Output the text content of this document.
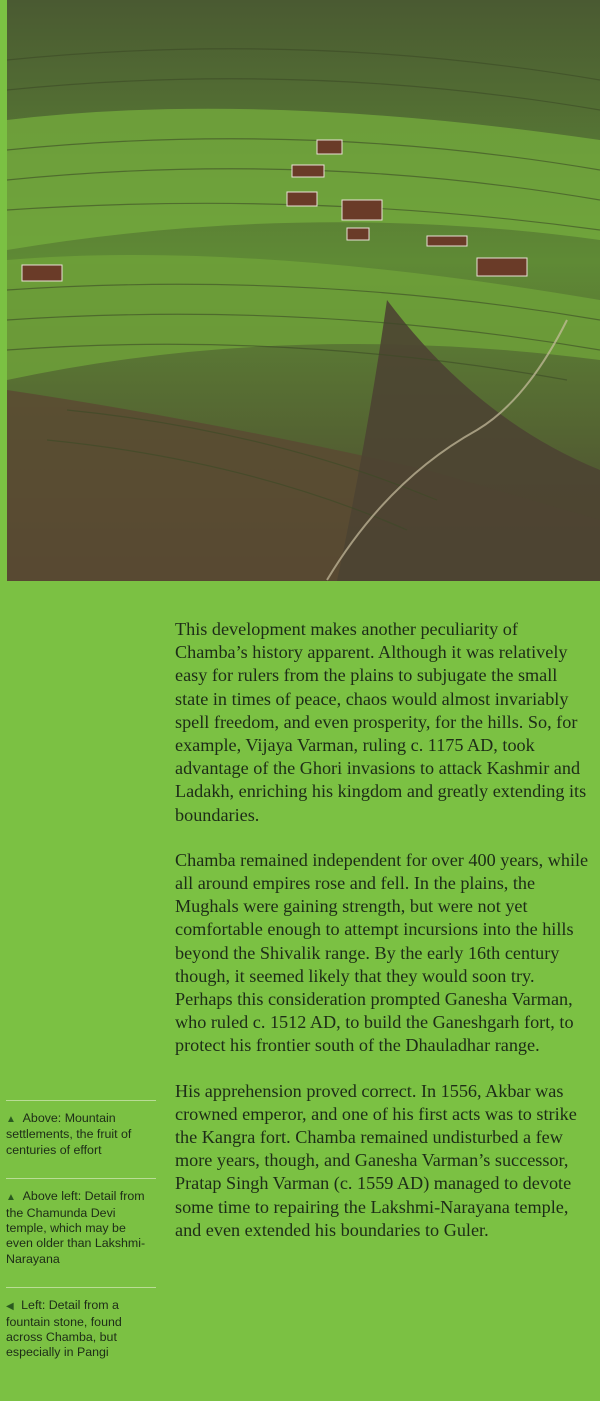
This development makes another peculiarity of Chamba’s history apparent. Although it was relatively easy for rulers from the plains to subjugate the small state in times of peace, chaos would almost invariably spell freedom, and even prosperity, for the hills. So, for example, Vijaya Varman, ruling c. 1175 AD, took advantage of the Ghori invasions to attack Kashmir and Ladakh, enriching his kingdom and greatly extending its boundaries.

Chamba remained independent for over 400 years, while all around empires rose and fell. In the plains, the Mughals were gaining strength, but were not yet comfortable enough to attempt incursions into the hills beyond the Shivalik range. By the early 16th century though, it seemed likely that they would soon try. Perhaps this consideration prompted Ganesha Varman, who ruled c. 1512 AD, to build the Ganeshgarh fort, to protect his frontier south of the Dhauladhar range.

His apprehension proved correct. In 1556, Akbar was crowned emperor, and one of his first acts was to strike the Kangra fort. Chamba remained undisturbed a few more years, though, and Ganesha Varman’s successor, Pratap Singh Varman (c. 1559 AD) managed to devote some time to repairing the Lakshmi-Narayana temple, and even extended his boundaries to Guler.

▲ Above: Mountain settlements, the fruit of centuries of effort
▲ Above left: Detail from the Chamunda Devi temple, which may be even older than Lakshmi-Narayana
◀ Left: Detail from a fountain stone, found across Chamba, but especially in Pangi
